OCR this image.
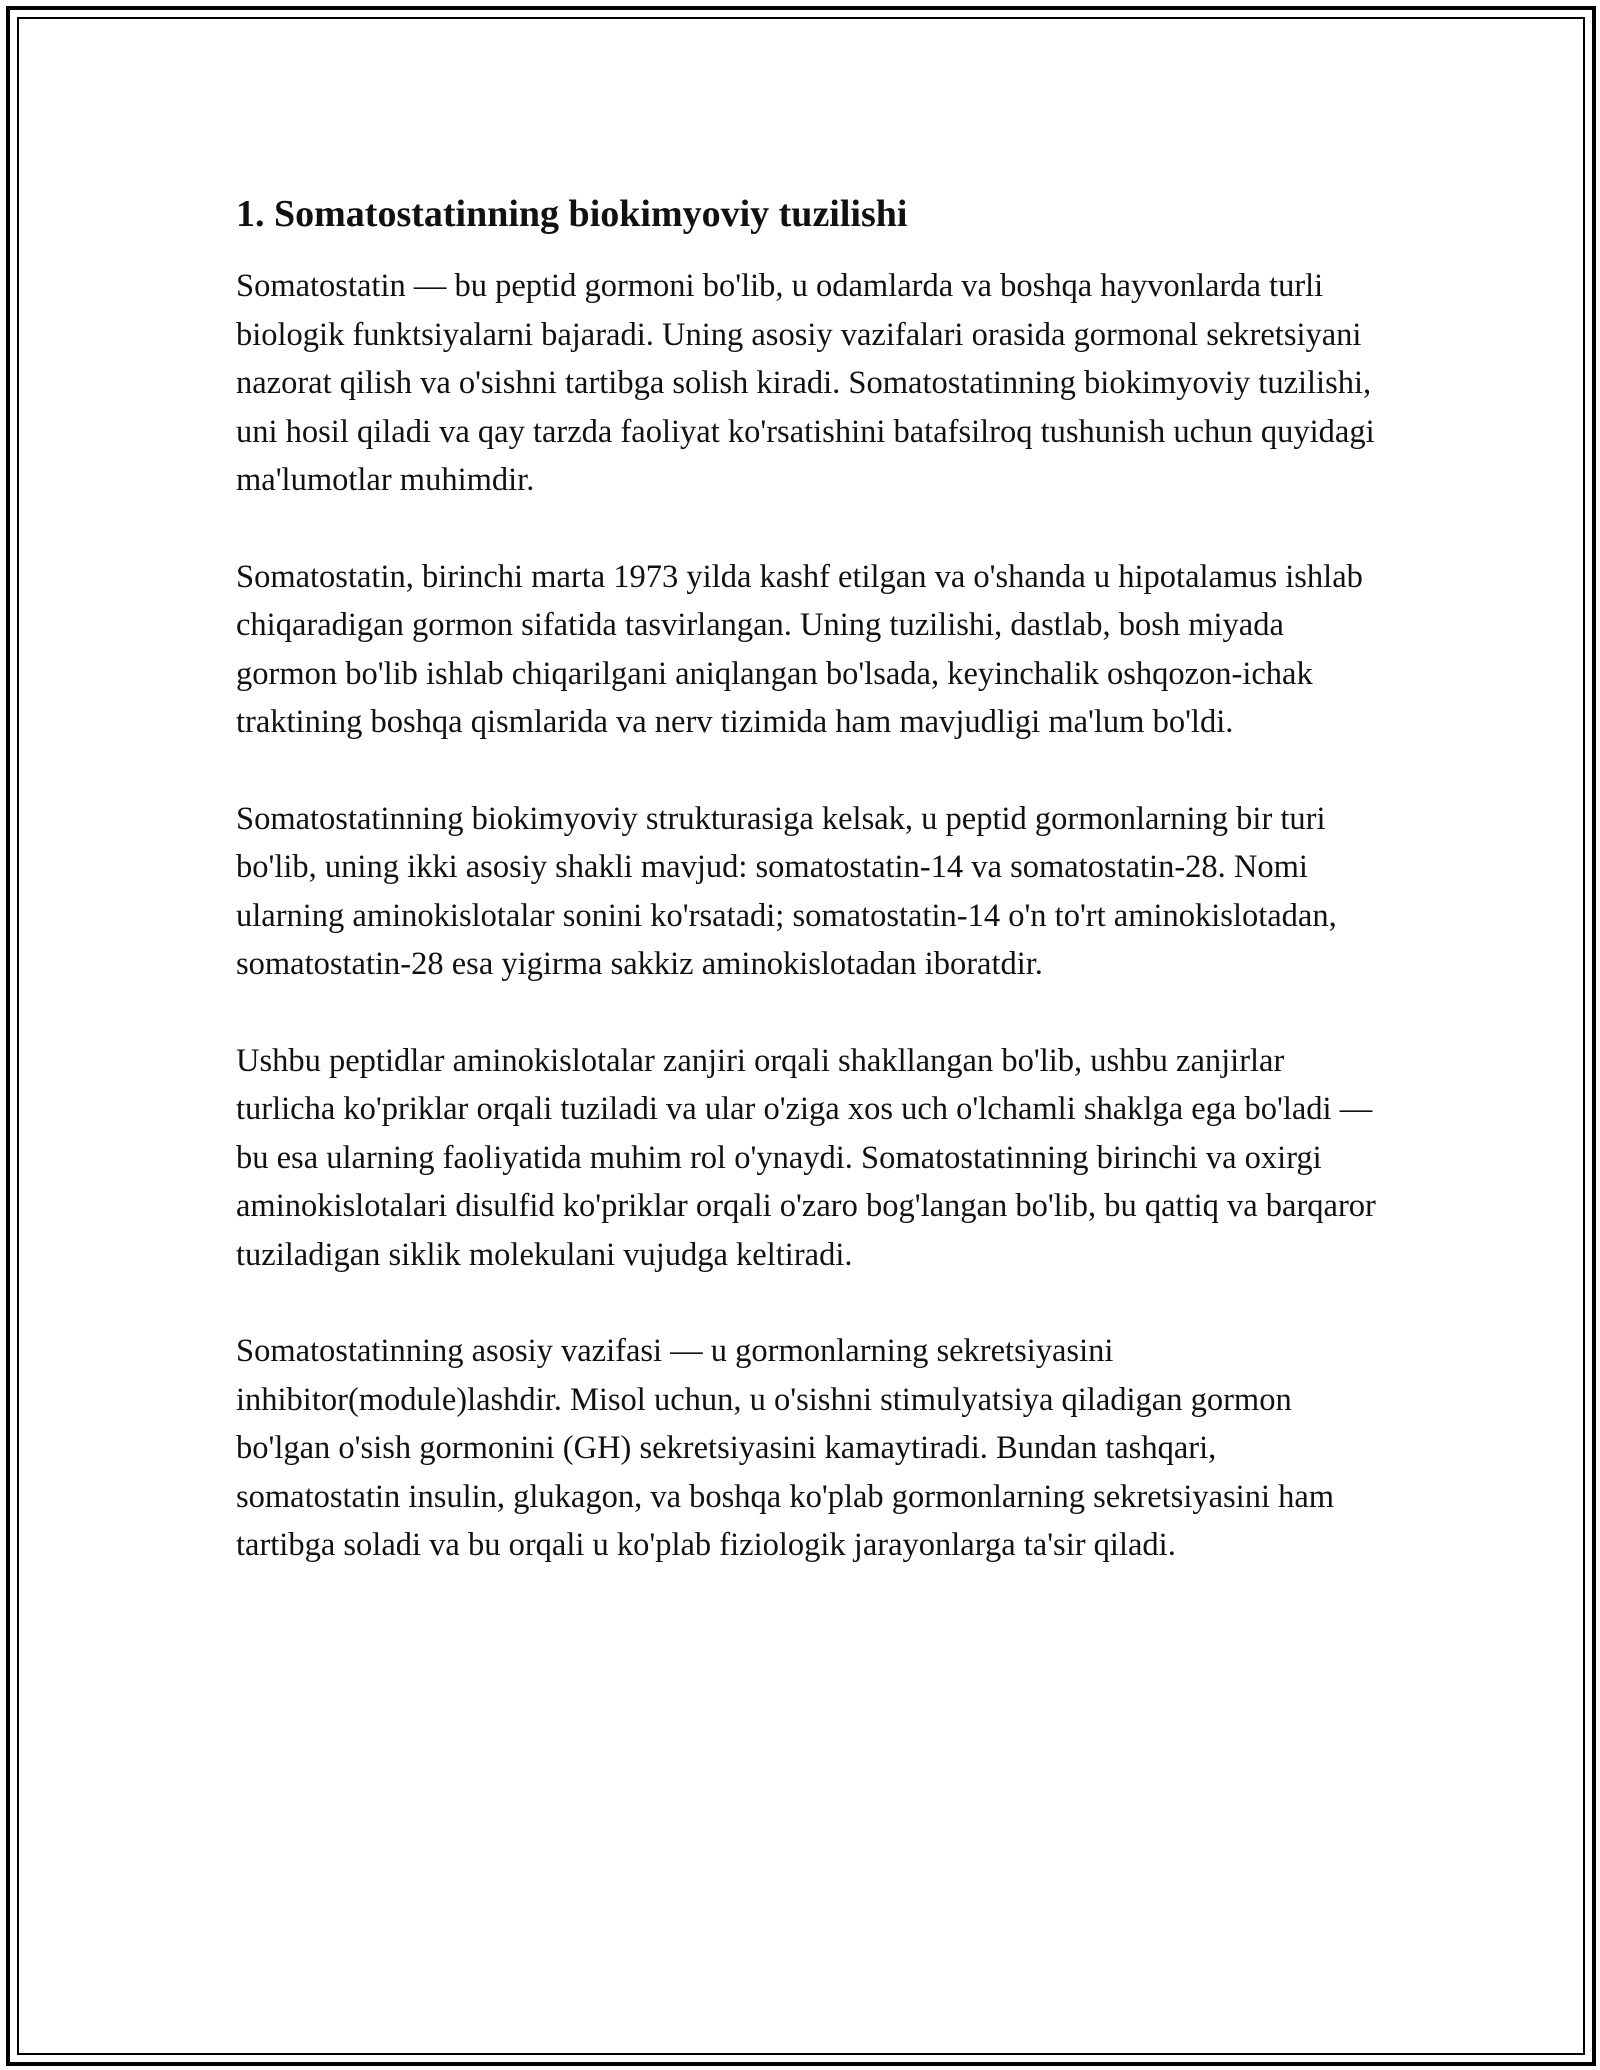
1. Somatostatinning biokimyoviy tuzilishi

Somatostatin — bu peptid gormoni bo'lib, u odamlarda va boshqa hayvonlarda turli biologik funktsiyalarni bajaradi. Uning asosiy vazifalari orasida gormonal sekretsiyani nazorat qilish va o'sishni tartibga solish kiradi. Somatostatinning biokimyoviy tuzilishi, uni hosil qiladi va qay tarzda faoliyat ko'rsatishini batafsilroq tushunish uchun quyidagi ma'lumotlar muhimdir.

Somatostatin, birinchi marta 1973 yilda kashf etilgan va o'shanda u hipotalamus ishlab chiqaradigan gormon sifatida tasvirlangan. Uning tuzilishi, dastlab, bosh miyada gormon bo'lib ishlab chiqarilgani aniqlangan bo'lsada, keyinchalik oshqozon-ichak traktining boshqa qismlarida va nerv tizimida ham mavjudligi ma'lum bo'ldi.

Somatostatinning biokimyoviy strukturasiga kelsak, u peptid gormonlarning bir turi bo'lib, uning ikki asosiy shakli mavjud: somatostatin-14 va somatostatin-28. Nomi ularning aminokislotalar sonini ko'rsatadi; somatostatin-14 o'n to'rt aminokislotadan, somatostatin-28 esa yigirma sakkiz aminokislotadan iboratdir.

Ushbu peptidlar aminokislotalar zanjiri orqali shakllangan bo'lib, ushbu zanjirlar turlicha ko'priklar orqali tuziladi va ular o'ziga xos uch o'lchamli shaklga ega bo'ladi — bu esa ularning faoliyatida muhim rol o'ynaydi. Somatostatinning birinchi va oxirgi aminokislotalari disulfid ko'priklar orqali o'zaro bog'langan bo'lib, bu qattiq va barqaror tuziladigan siklik molekulani vujudga keltiradi.

Somatostatinning asosiy vazifasi — u gormonlarning sekretsiyasini inhibitor(module)lashdir. Misol uchun, u o'sishni stimulyatsiya qiladigan gormon bo'lgan o'sish gormonini (GH) sekretsiyasini kamaytiradi. Bundan tashqari, somatostatin insulin, glukagon, va boshqa ko'plab gormonlarning sekretsiyasini ham tartibga soladi va bu orqali u ko'plab fiziologik jarayonlarga ta'sir qiladi.
